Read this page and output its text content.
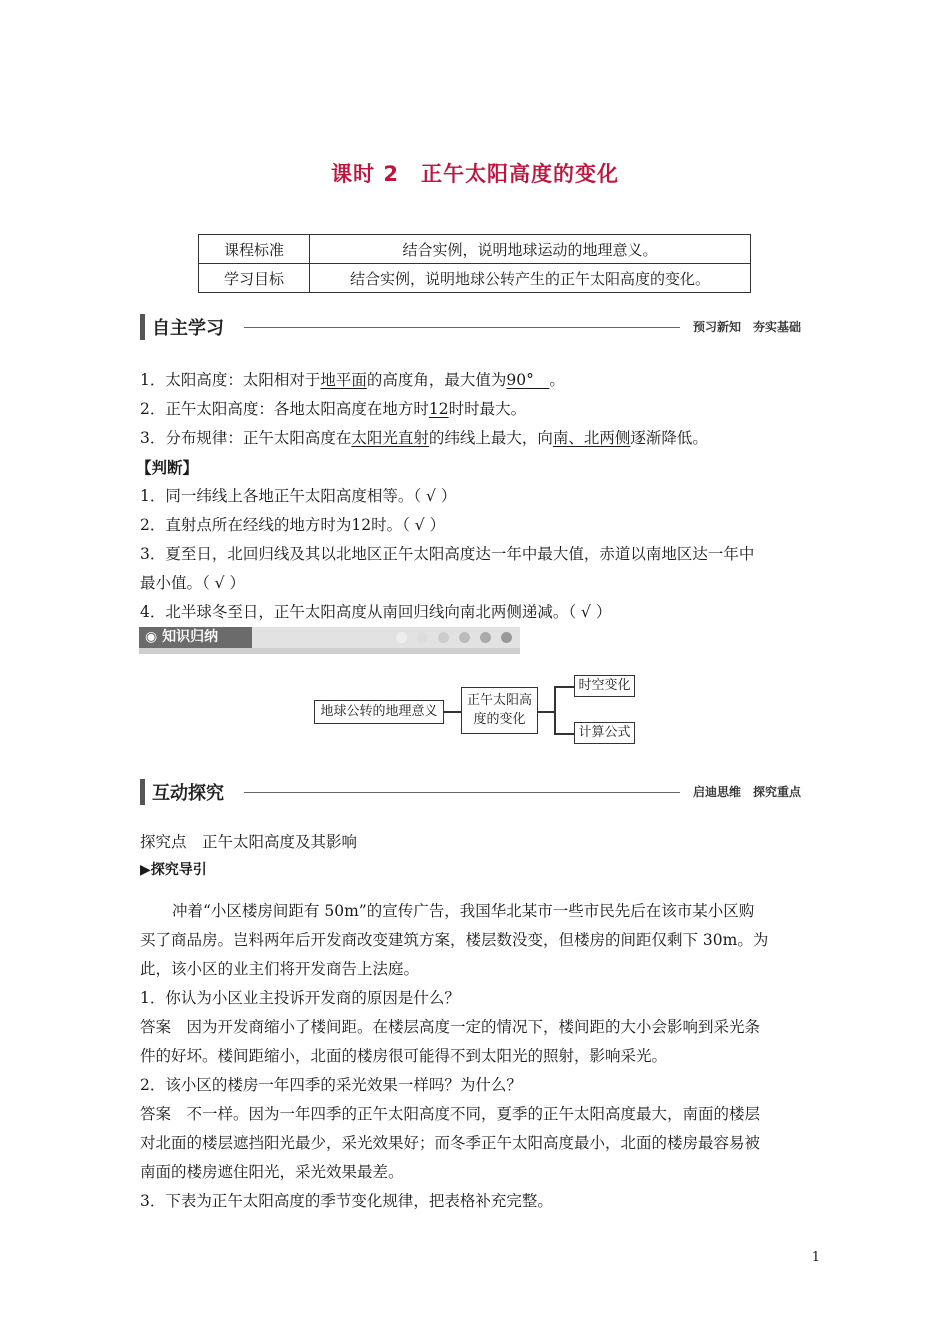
课时 2　正午太阳高度的变化
课程标准	结合实例，说明地球运动的地理意义。
学习目标	结合实例，说明地球公转产生的正午太阳高度的变化。
自主学习	预习新知　夯实基础
1．太阳高度：太阳相对于地平面的高度角，最大值为90°　。
2．正午太阳高度：各地太阳高度在地方时12时时最大。
3．分布规律：正午太阳高度在太阳光直射的纬线上最大，向南、北两侧逐渐降低。
【判断】
1．同一纬线上各地正午太阳高度相等。（ √ ）
2．直射点所在经线的地方时为12时。（ √ ）
3．夏至日，北回归线及其以北地区正午太阳高度达一年中最大值，赤道以南地区达一年中
最小值。（ √ ）
4．北半球冬至日，正午太阳高度从南回归线向南北两侧递减。（ √ ）
◉ 知识归纳
地球公转的地理意义
正午太阳高
度的变化
时空变化
计算公式
互动探究	启迪思维　探究重点
探究点　正午太阳高度及其影响
▶探究导引
冲着“小区楼房间距有 50m”的宣传广告，我国华北某市一些市民先后在该市某小区购
买了商品房。岂料两年后开发商改变建筑方案，楼层数没变，但楼房的间距仅剩下 30m。为
此，该小区的业主们将开发商告上法庭。
1．你认为小区业主投诉开发商的原因是什么？
答案　因为开发商缩小了楼间距。在楼层高度一定的情况下，楼间距的大小会影响到采光条
件的好坏。楼间距缩小，北面的楼房很可能得不到太阳光的照射，影响采光。
2．该小区的楼房一年四季的采光效果一样吗？为什么？
答案　不一样。因为一年四季的正午太阳高度不同，夏季的正午太阳高度最大，南面的楼层
对北面的楼层遮挡阳光最少，采光效果好；而冬季正午太阳高度最小，北面的楼房最容易被
南面的楼房遮住阳光，采光效果最差。
3．下表为正午太阳高度的季节变化规律，把表格补充完整。
1
